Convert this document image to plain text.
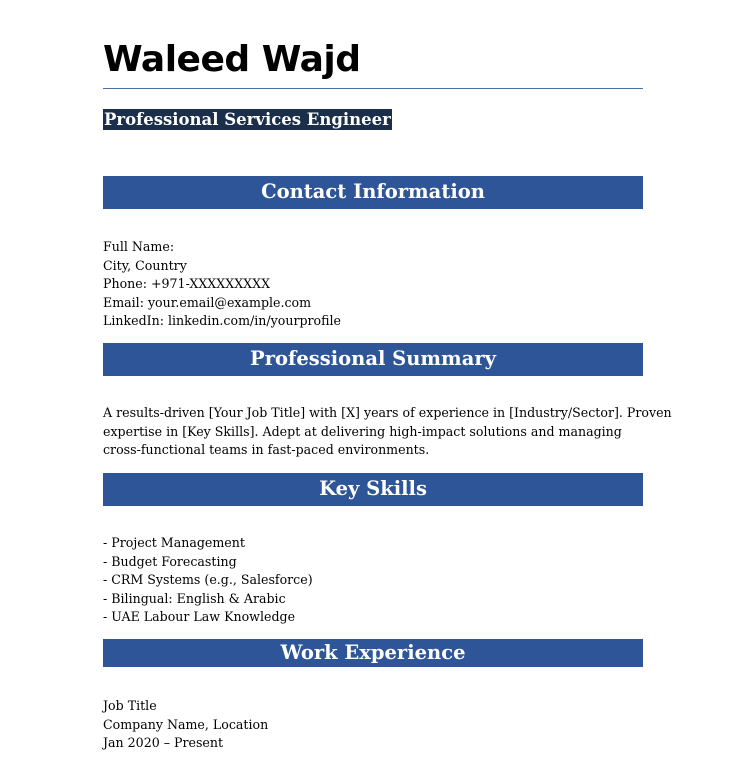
Waleed Wajd
Professional Services Engineer
Contact Information
Full Name:
City, Country
Phone: +971-XXXXXXXXX
Email: your.email@example.com
LinkedIn: linkedin.com/in/yourprofile
Professional Summary
A results-driven [Your Job Title] with [X] years of experience in [Industry/Sector]. Proven
expertise in [Key Skills]. Adept at delivering high-impact solutions and managing
cross-functional teams in fast-paced environments.
Key Skills
- Project Management
- Budget Forecasting
- CRM Systems (e.g., Salesforce)
- Bilingual: English & Arabic
- UAE Labour Law Knowledge
Work Experience
Job Title
Company Name, Location
Jan 2020 – Present
